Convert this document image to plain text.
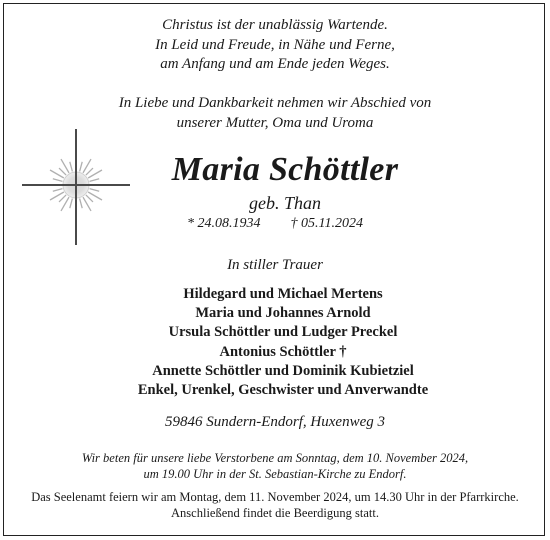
Christus ist der unablässig Wartende.
In Leid und Freude, in Nähe und Ferne,
am Anfang und am Ende jeden Weges.
In Liebe und Dankbarkeit nehmen wir Abschied von
unserer Mutter, Oma und Uroma
Maria Schöttler
geb. Than
* 24.08.1934 † 05.11.2024
In stiller Trauer
Hildegard und Michael Mertens
Maria und Johannes Arnold
Ursula Schöttler und Ludger Preckel
Antonius Schöttler †
Annette Schöttler und Dominik Kubietziel
Enkel, Urenkel, Geschwister und Anverwandte
59846 Sundern-Endorf, Huxenweg 3
Wir beten für unsere liebe Verstorbene am Sonntag, dem 10. November 2024,
um 19.00 Uhr in der St. Sebastian-Kirche zu Endorf.
Das Seelenamt feiern wir am Montag, dem 11. November 2024, um 14.30 Uhr in der Pfarrkirche.
Anschließend findet die Beerdigung statt.
